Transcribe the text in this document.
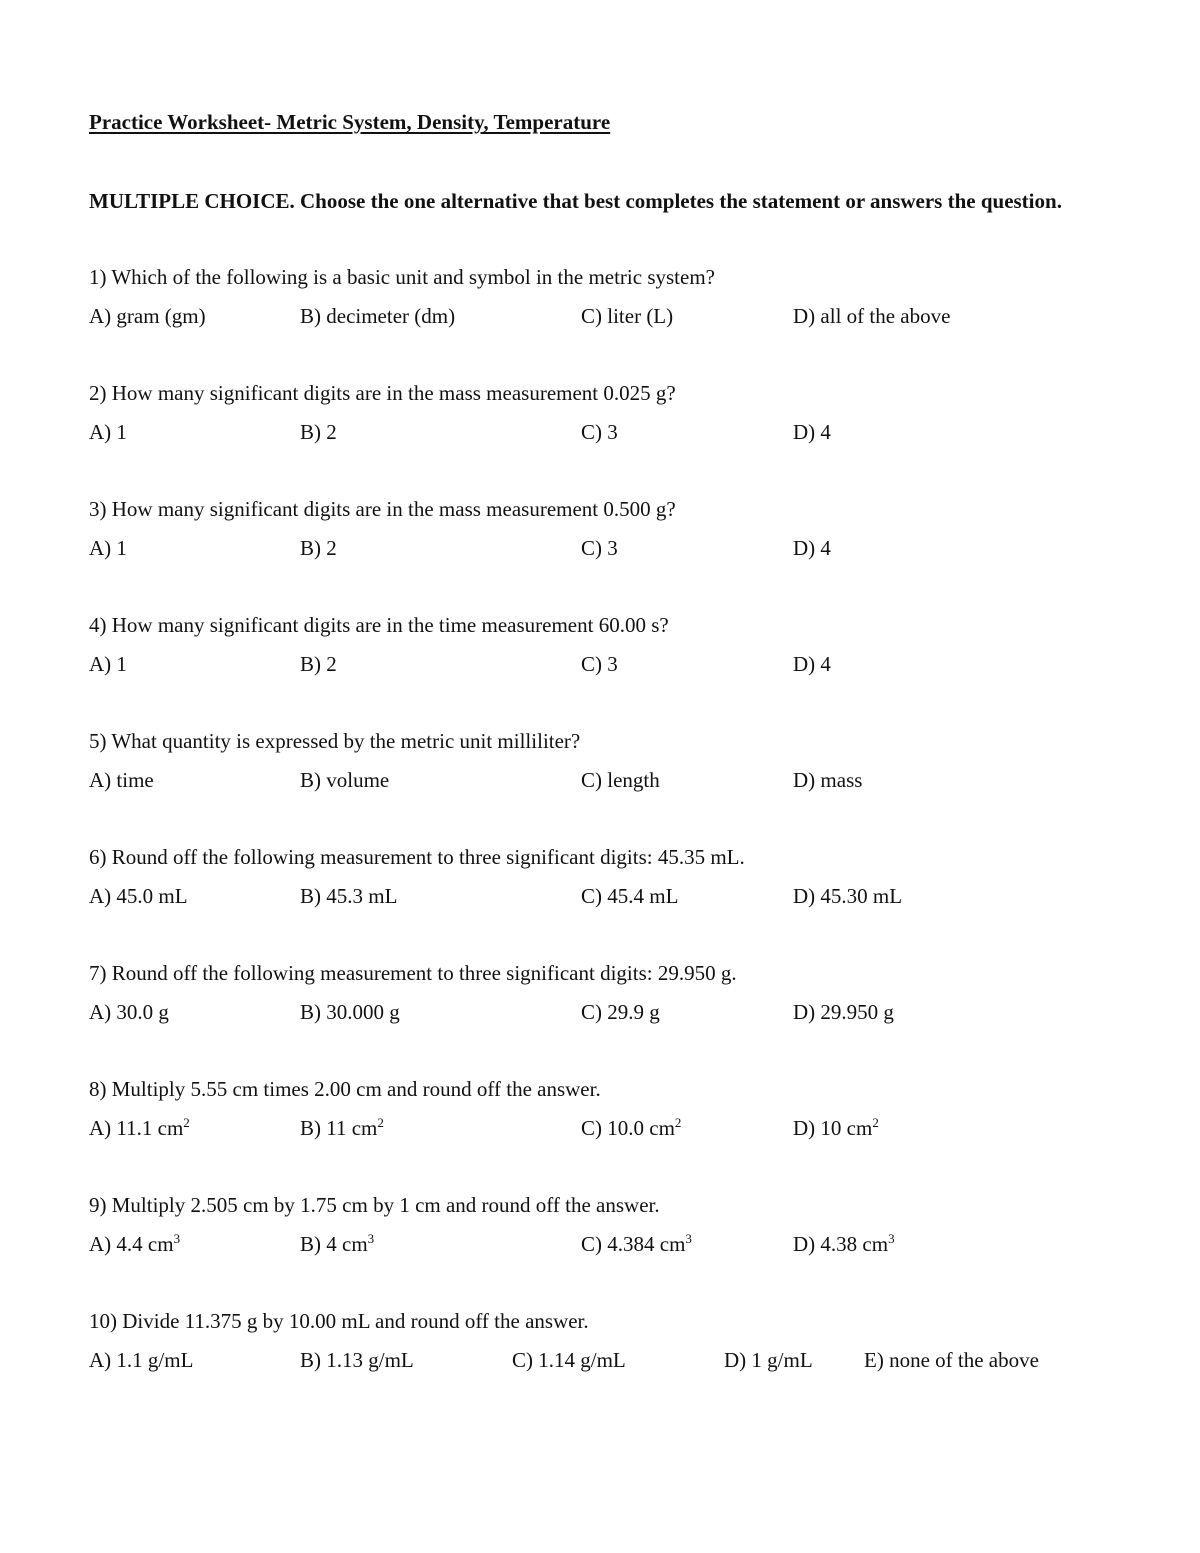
Practice Worksheet- Metric System, Density, Temperature
MULTIPLE CHOICE. Choose the one alternative that best completes the statement or answers the question.
1) Which of the following is a basic unit and symbol in the metric system?
A) gram (gm)	B) decimeter (dm)	C) liter (L)	D) all of the above
2) How many significant digits are in the mass measurement 0.025 g?
A) 1	B) 2	C) 3	D) 4
3) How many significant digits are in the mass measurement 0.500 g?
A) 1	B) 2	C) 3	D) 4
4) How many significant digits are in the time measurement 60.00 s?
A) 1	B) 2	C) 3	D) 4
5) What quantity is expressed by the metric unit milliliter?
A) time	B) volume	C) length	D) mass
6) Round off the following measurement to three significant digits: 45.35 mL.
A) 45.0 mL	B) 45.3 mL	C) 45.4 mL	D) 45.30 mL
7) Round off the following measurement to three significant digits: 29.950 g.
A) 30.0 g	B) 30.000 g	C) 29.9 g	D) 29.950 g
8) Multiply 5.55 cm times 2.00 cm and round off the answer.
A) 11.1 $cm^2$	B) 11 $cm^2$	C) 10.0 $cm^2$	D) 10 $cm^2$
9) Multiply 2.505 cm by 1.75 cm by 1 cm and round off the answer.
A) 4.4 $cm^3$	B) 4 $cm^3$	C) 4.384 $cm^3$	D) 4.38 $cm^3$
10) Divide 11.375 g by 10.00 mL and round off the answer.
A) 1.1 g/mL	B) 1.13 g/mL	C) 1.14 g/mL	D) 1 g/mL E) none of the above
